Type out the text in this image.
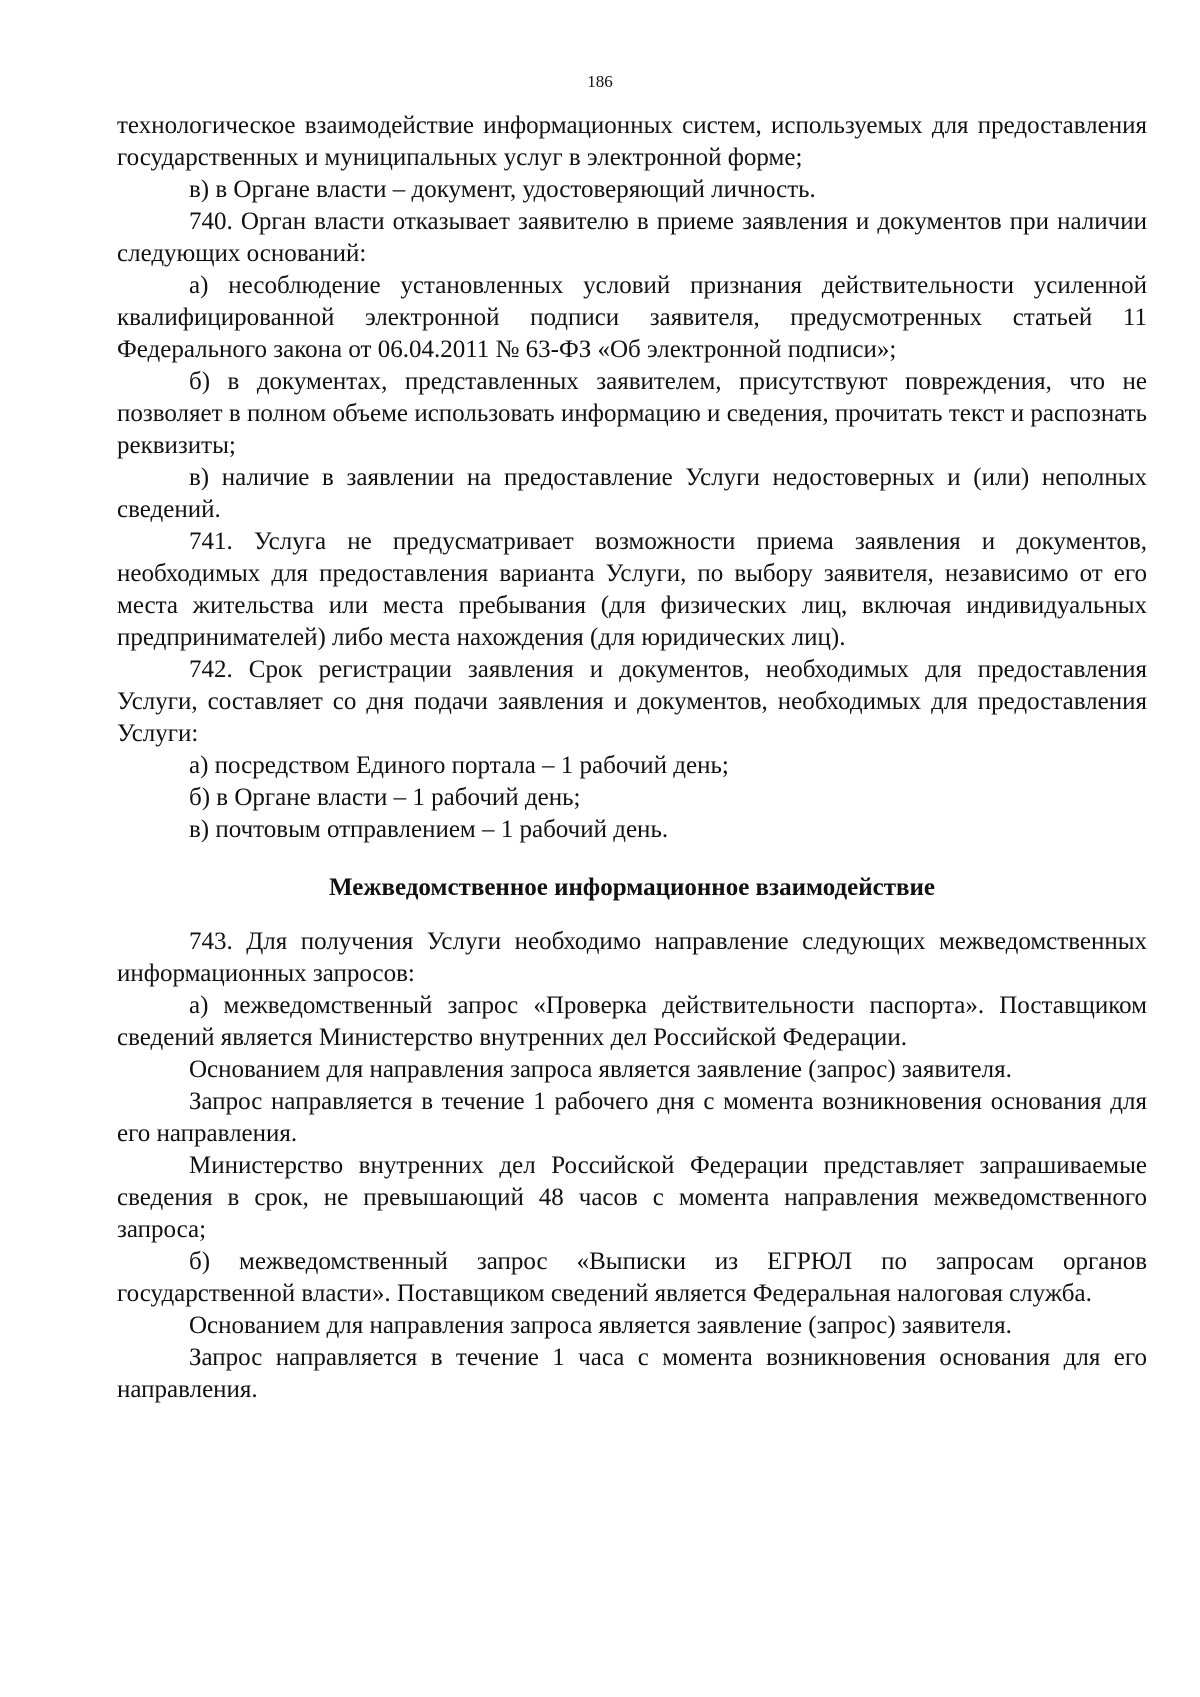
186

технологическое взаимодействие информационных систем, используемых для предоставления государственных и муниципальных услуг в электронной форме;

в) в Органе власти – документ, удостоверяющий личность.

740. Орган власти отказывает заявителю в приеме заявления и документов при наличии следующих оснований:

а) несоблюдение установленных условий признания действительности усиленной квалифицированной электронной подписи заявителя, предусмотренных статьей 11 Федерального закона от 06.04.2011 № 63-ФЗ «Об электронной подписи»;

б) в документах, представленных заявителем, присутствуют повреждения, что не позволяет в полном объеме использовать информацию и сведения, прочитать текст и распознать реквизиты;

в) наличие в заявлении на предоставление Услуги недостоверных и (или) неполных сведений.

741. Услуга не предусматривает возможности приема заявления и документов, необходимых для предоставления варианта Услуги, по выбору заявителя, независимо от его места жительства или места пребывания (для физических лиц, включая индивидуальных предпринимателей) либо места нахождения (для юридических лиц).

742. Срок регистрации заявления и документов, необходимых для предоставления Услуги, составляет со дня подачи заявления и документов, необходимых для предоставления Услуги:

а) посредством Единого портала – 1 рабочий день;

б) в Органе власти – 1 рабочий день;

в) почтовым отправлением – 1 рабочий день.

Межведомственное информационное взаимодействие

743. Для получения Услуги необходимо направление следующих межведомственных информационных запросов:

а) межведомственный запрос «Проверка действительности паспорта». Поставщиком сведений является Министерство внутренних дел Российской Федерации.

Основанием для направления запроса является заявление (запрос) заявителя.

Запрос направляется в течение 1 рабочего дня с момента возникновения основания для его направления.

Министерство внутренних дел Российской Федерации представляет запрашиваемые сведения в срок, не превышающий 48 часов с момента направления межведомственного запроса;

б) межведомственный запрос «Выписки из ЕГРЮЛ по запросам органов государственной власти». Поставщиком сведений является Федеральная налоговая служба.

Основанием для направления запроса является заявление (запрос) заявителя.

Запрос направляется в течение 1 часа с момента возникновения основания для его направления.
